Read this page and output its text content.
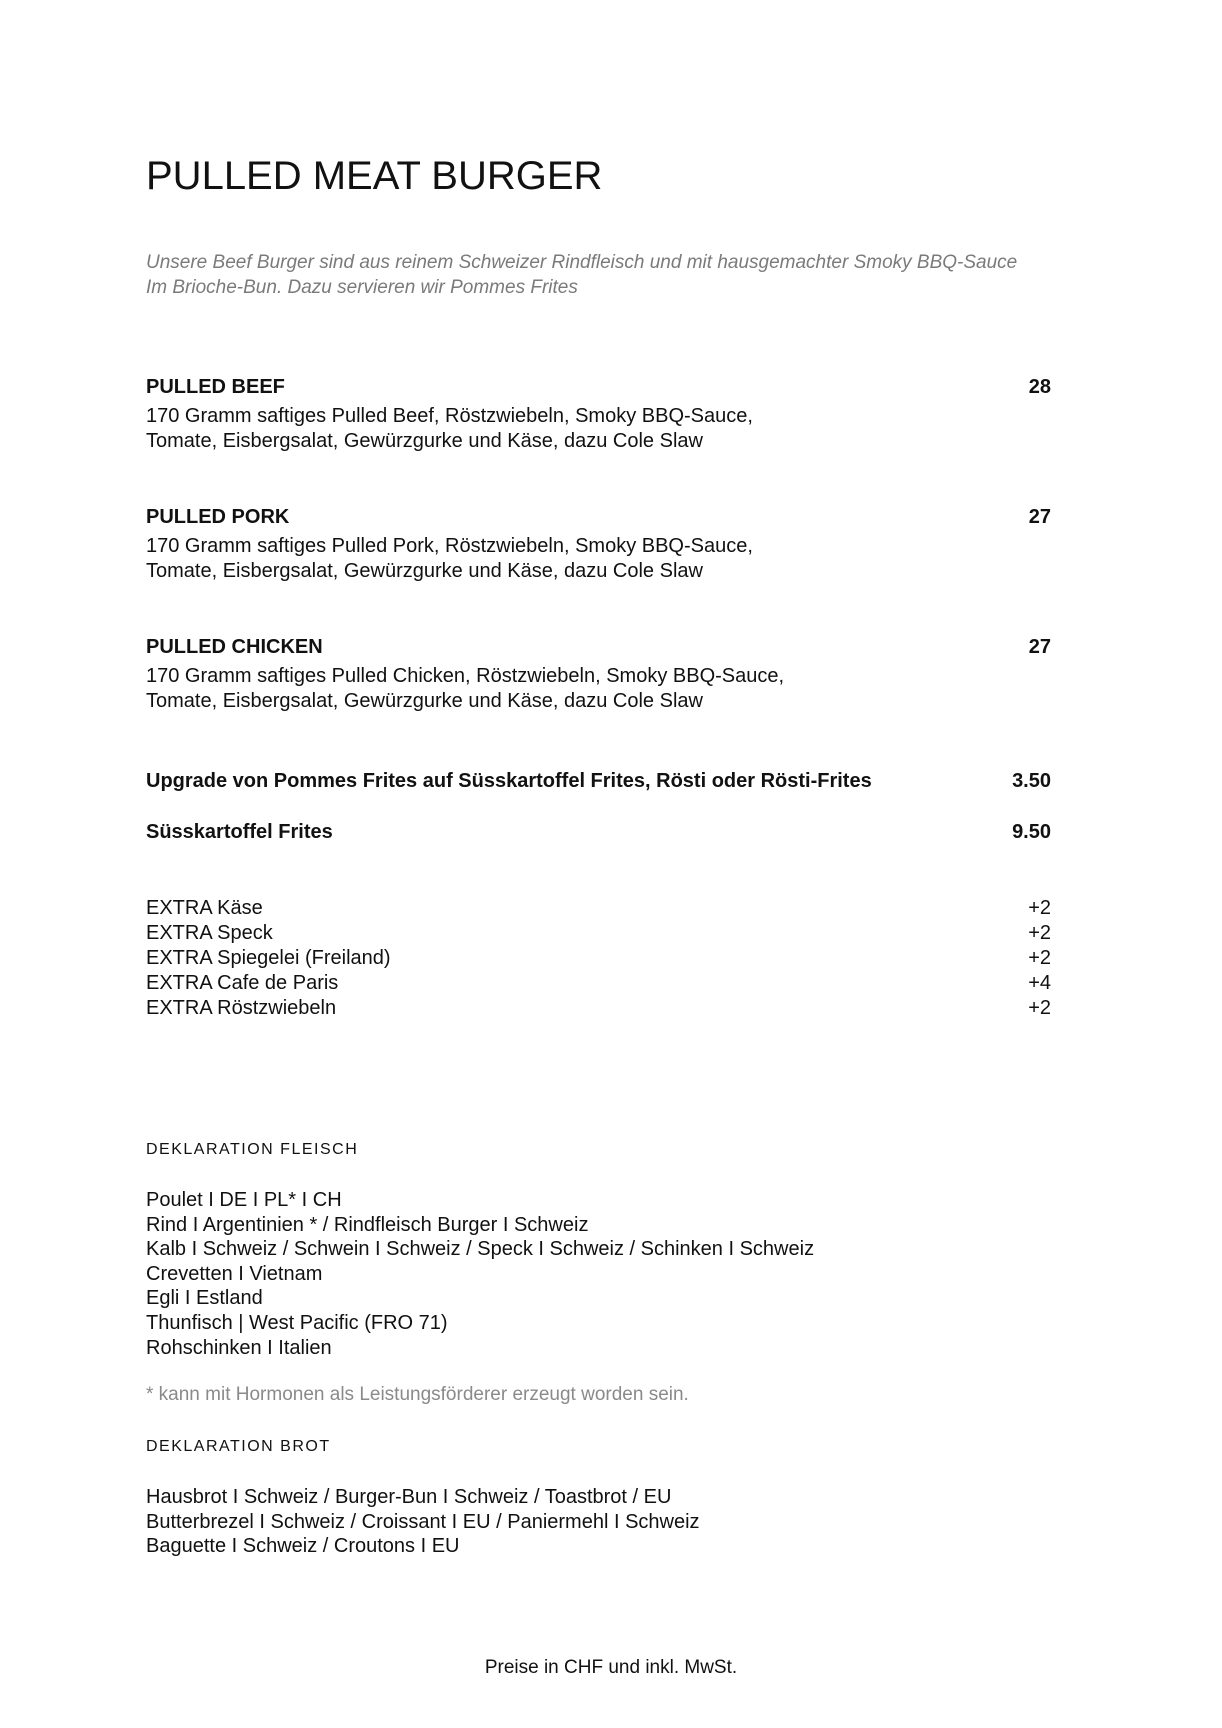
PULLED MEAT BURGER
Unsere Beef Burger sind aus reinem Schweizer Rindfleisch und mit hausgemachter Smoky BBQ-Sauce
Im Brioche-Bun. Dazu servieren wir Pommes Frites
PULLED BEEF	28
170 Gramm saftiges Pulled Beef, Röstzwiebeln, Smoky BBQ-Sauce,
Tomate, Eisbergsalat, Gewürzgurke und Käse, dazu Cole Slaw
PULLED PORK	27
170 Gramm saftiges Pulled Pork, Röstzwiebeln, Smoky BBQ-Sauce,
Tomate, Eisbergsalat, Gewürzgurke und Käse, dazu Cole Slaw
PULLED CHICKEN	27
170 Gramm saftiges Pulled Chicken, Röstzwiebeln, Smoky BBQ-Sauce,
Tomate, Eisbergsalat, Gewürzgurke und Käse, dazu Cole Slaw
Upgrade von Pommes Frites auf Süsskartoffel Frites, Rösti oder Rösti-Frites	3.50
Süsskartoffel Frites	9.50
EXTRA Käse	+2
EXTRA Speck	+2
EXTRA Spiegelei (Freiland)	+2
EXTRA Cafe de Paris	+4
EXTRA Röstzwiebeln	+2
DEKLARATION FLEISCH
Poulet I DE I PL* I CH
Rind I Argentinien * / Rindfleisch Burger I Schweiz
Kalb I Schweiz / Schwein I Schweiz / Speck I Schweiz / Schinken I Schweiz
Crevetten I Vietnam
Egli I Estland
Thunfisch | West Pacific (FRO 71)
Rohschinken I Italien
* kann mit Hormonen als Leistungsförderer erzeugt worden sein.
DEKLARATION BROT
Hausbrot I Schweiz / Burger-Bun I Schweiz / Toastbrot / EU
Butterbrezel I Schweiz / Croissant I EU / Paniermehl I Schweiz
Baguette I Schweiz / Croutons I EU
Preise in CHF und inkl. MwSt.
